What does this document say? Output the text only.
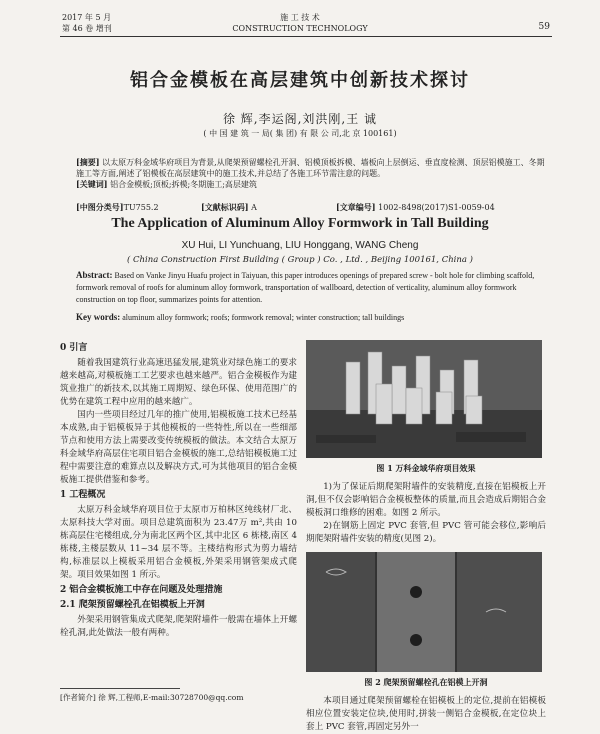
2017 年 5 月
第 46 卷 增刊
施 工 技 术
CONSTRUCTION TECHNOLOGY	59
铝合金模板在高层建筑中创新技术探讨
徐 辉,李运阁,刘洪刚,王 诚
( 中 国 建 筑 一 局( 集 团) 有 限 公 司,北 京 100161)
[摘要] 以太原万科金域华府项目为背景,从爬架预留螺栓孔开洞、铝模顶板拆模、墙板向上层倒运、垂直度检测、顶层铝模施工、冬期施工等方面,阐述了铝模板在高层建筑中的施工技术,并总结了各施工环节需注意的问题。
[关键词] 铝合金模板;顶板;拆模;冬期施工;高层建筑
[中图分类号]TU755.2	[文献标识码] A	[文章编号] 1002-8498(2017)S1-0059-04
The Application of Aluminum Alloy Formwork in Tall Building
XU Hui, LI Yunchuang, LIU Honggang, WANG Cheng
( China Construction First Building ( Group ) Co. , Ltd. , Beijing 100161, China )
Abstract: Based on Vanke Jinyu Huafu project in Taiyuan, this paper introduces openings of prepared screw - bolt hole for climbing scaffold, formwork removal of roofs for aluminum alloy formwork, transportation of wallboard, detection of verticality, aluminum alloy formwork construction on top floor, summarizes points for attention.
Key words: aluminum alloy formwork; roofs; formwork removal; winter construction; tall buildings
0 引言

随着我国建筑行业高速迅猛发展,建筑业对绿色施工的要求越来越高,对模板施工工艺要求也越来越严。铝合金模板作为建筑业推广的新技术,以其施工周期短、绿色环保、使用范围广的优势在建筑工程中应用的越来越广。

国内一些项目经过几年的推广使用,铝模板施工技术已经基本成熟,由于铝模板异于其他模板的一些特性,所以在一些细部节点和使用方法上需要改变传统模板的做法。本文结合太原万科金域华府高层住宅项目铝合金模板的施工,总结铝模板施工过程中需要注意的难算点以及解决方式,可为其他项目的铝合金模板施工提供借鉴和参考。

1 工程概况

太原万科金域华府项目位于太原市万柏林区纯线材厂北、太原科技大学对面。项目总建筑面积为 23.47万 m²,共由 10 栋高层住宅楼组成,分为南北区两个区,其中北区 6 栋楼,南区 4 栋楼,主楼层数从 11~34 层不等。主楼结构形式为剪力墙结构,标准层以上模板采用铝合金模板,外架采用钢管架成式爬架。项目效果如图 1 所示。

2 铝合金模板施工中存在问题及处理措施
2.1 爬架预留螺栓孔在铝模板上开洞

外架采用钢管集成式爬架,爬架附墙件一般需在墙体上开螺栓孔洞,此处做法一般有两种。

图 1 万科金域华府项目效果

1)为了保证后期爬架附墙件的安装精度,直接在铝模板上开洞,但不仅会影响铝合金模板整体的质量,而且会造成后期铝合金模板洞口维修的困难。如图 2 所示。

2)在钢筋上固定 PVC 套管,但 PVC 管可能会移位,影响后期爬架附墙件安装的精度(见图 2)。

图 2 爬架预留螺栓孔在铝模上开洞

本项目通过爬架预留螺栓在铝模板上的定位,提前在铝模板相应位置安装定位块,使用时,拼装一侧铝合金模板,在定位块上套上 PVC 套管,再固定另外一

[作者简介] 徐 辉,工程师,E-mail:30728700@qq.com
